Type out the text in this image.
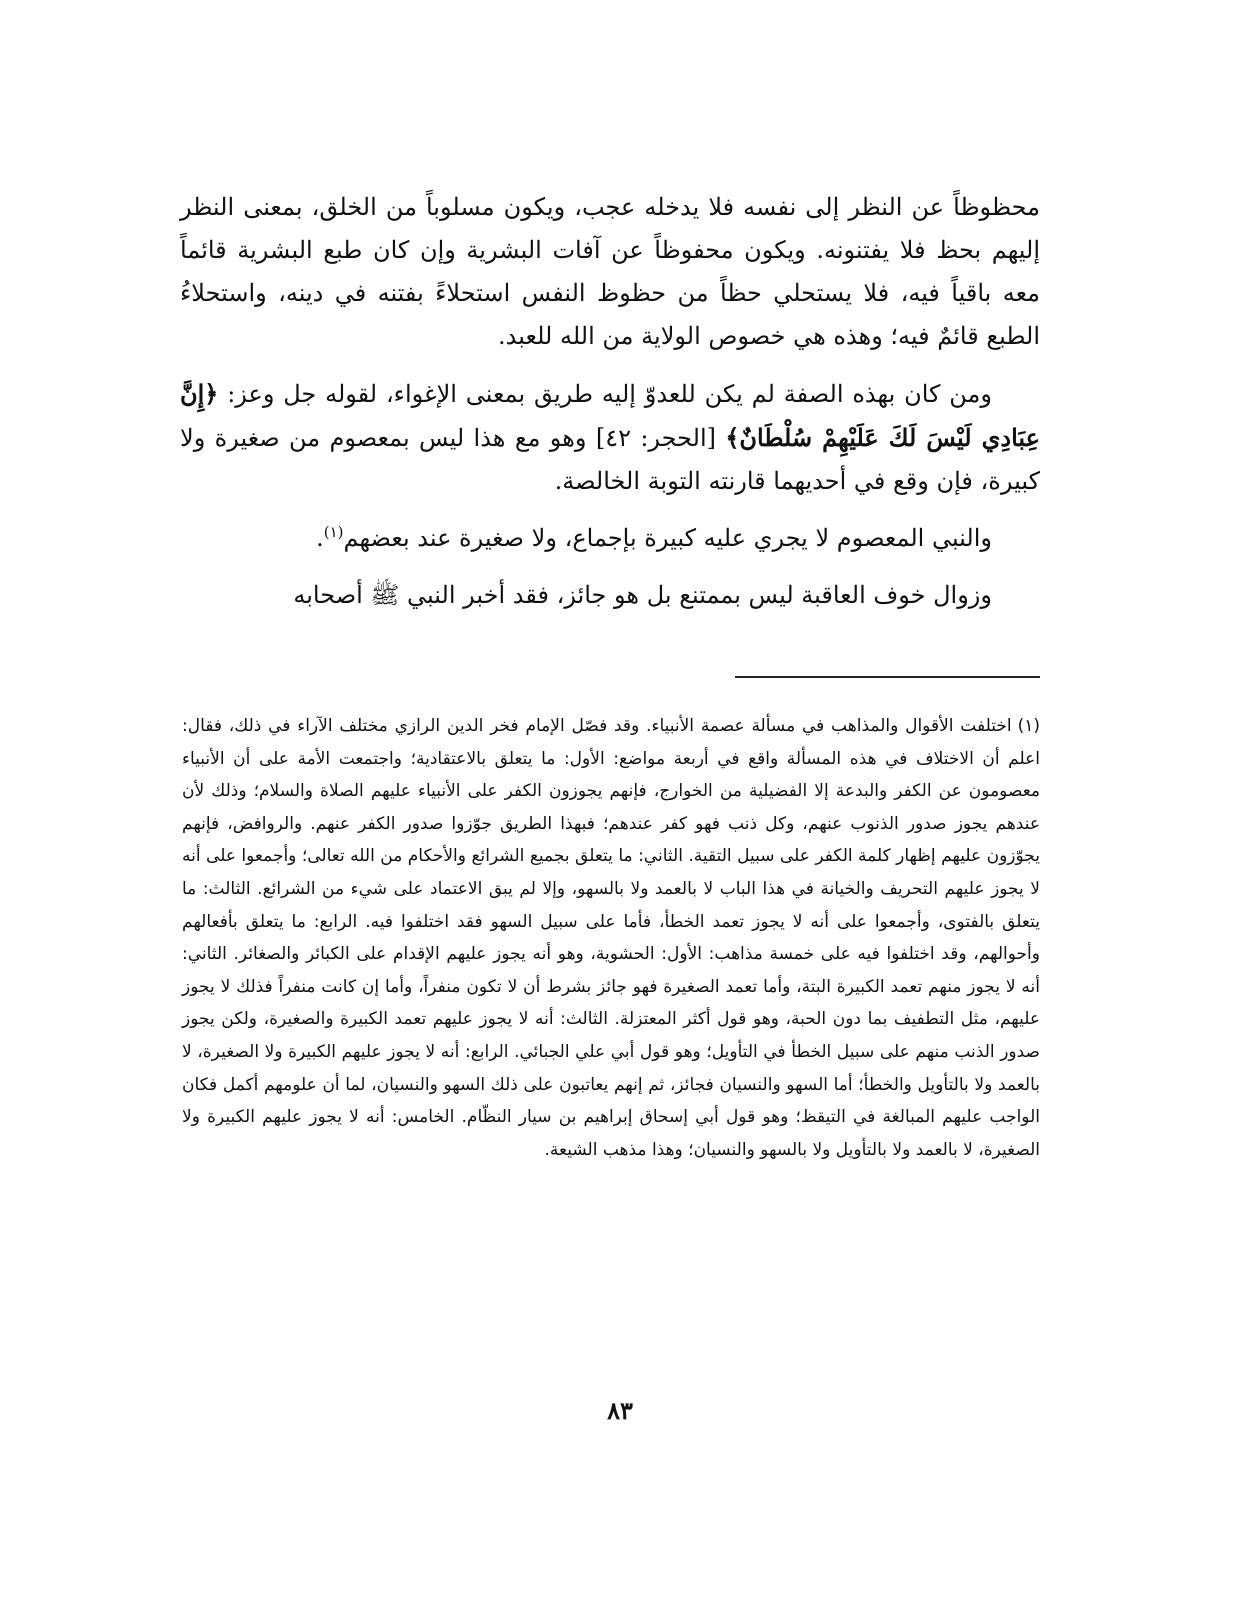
محظوظاً عن النظر إلى نفسه فلا يدخله عجب، ويكون مسلوباً من الخلق، بمعنى النظر إليهم بحظ فلا يفتنونه. ويكون محفوظاً عن آفات البشرية وإن كان طبع البشرية قائماً معه باقياً فيه، فلا يستحلي حظاً من حظوظ النفس استحلاءً بفتنه في دينه، واستحلاءُ الطبع قائمٌ فيه؛ وهذه هي خصوص الولاية من الله للعبد.

ومن كان بهذه الصفة لم يكن للعدوّ إليه طريق بمعنى الإغواء، لقوله جل وعز: ﴿إِنَّ عِبَادِي لَيْسَ لَكَ عَلَيْهِمْ سُلْطَانٌ﴾ [الحجر: ٤٢] وهو مع هذا ليس بمعصوم من صغيرة ولا كبيرة، فإن وقع في أحديهما قارنته التوبة الخالصة.

والنبي المعصوم لا يجري عليه كبيرة بإجماع، ولا صغيرة عند بعضهم$^{(١)}$.

وزوال خوف العاقبة ليس بممتنع بل هو جائز، فقد أخبر النبي ﷺ أصحابه

(١)اختلفت الأقوال والمذاهب في مسألة عصمة الأنبياء. وقد فصّل الإمام فخر الدين الرازي مختلف الآراء في ذلك، فقال: اعلم أن الاختلاف في هذه المسألة واقع في أربعة مواضع: الأول: ما يتعلق بالاعتقادية؛ واجتمعت الأمة على أن الأنبياء معصومون عن الكفر والبدعة إلا الفضيلية من الخوارج، فإنهم يجوزون الكفر على الأنبياء عليهم الصلاة والسلام؛ وذلك لأن عندهم يجوز صدور الذنوب عنهم، وكل ذنب فهو كفر عندهم؛ فبهذا الطريق جوّزوا صدور الكفر عنهم. والروافض، فإنهم يجوّزون عليهم إظهار كلمة الكفر على سبيل التقية. الثاني: ما يتعلق بجميع الشرائع والأحكام من الله تعالى؛ وأجمعوا على أنه لا يجوز عليهم التحريف والخيانة في هذا الباب لا بالعمد ولا بالسهو، وإلا لم يبق الاعتماد على شيء من الشرائع. الثالث: ما يتعلق بالفتوى، وأجمعوا على أنه لا يجوز تعمد الخطأ، فأما على سبيل السهو فقد اختلفوا فيه. الرابع: ما يتعلق بأفعالهم وأحوالهم، وقد اختلفوا فيه على خمسة مذاهب: الأول: الحشوية، وهو أنه يجوز عليهم الإقدام على الكبائر والصغائر. الثاني: أنه لا يجوز منهم تعمد الكبيرة البتة، وأما تعمد الصغيرة فهو جائز بشرط أن لا تكون منفراً، وأما إن كانت منفراً فذلك لا يجوز عليهم، مثل التطفيف بما دون الحبة، وهو قول أكثر المعتزلة. الثالث: أنه لا يجوز عليهم تعمد الكبيرة والصغيرة، ولكن يجوز صدور الذنب منهم على سبيل الخطأ في التأويل؛ وهو قول أبي علي الجبائي. الرابع: أنه لا يجوز عليهم الكبيرة ولا الصغيرة، لا بالعمد ولا بالتأويل والخطأ؛ أما السهو والنسيان فجائز، ثم إنهم يعاتبون على ذلك السهو والنسيان، لما أن علومهم أكمل فكان الواجب عليهم المبالغة في التيقظ؛ وهو قول أبي إسحاق إبراهيم بن سيار النظّام. الخامس: أنه لا يجوز عليهم الكبيرة ولا الصغيرة، لا بالعمد ولا بالتأويل ولا بالسهو والنسيان؛ وهذا مذهب الشيعة.

٨٣
